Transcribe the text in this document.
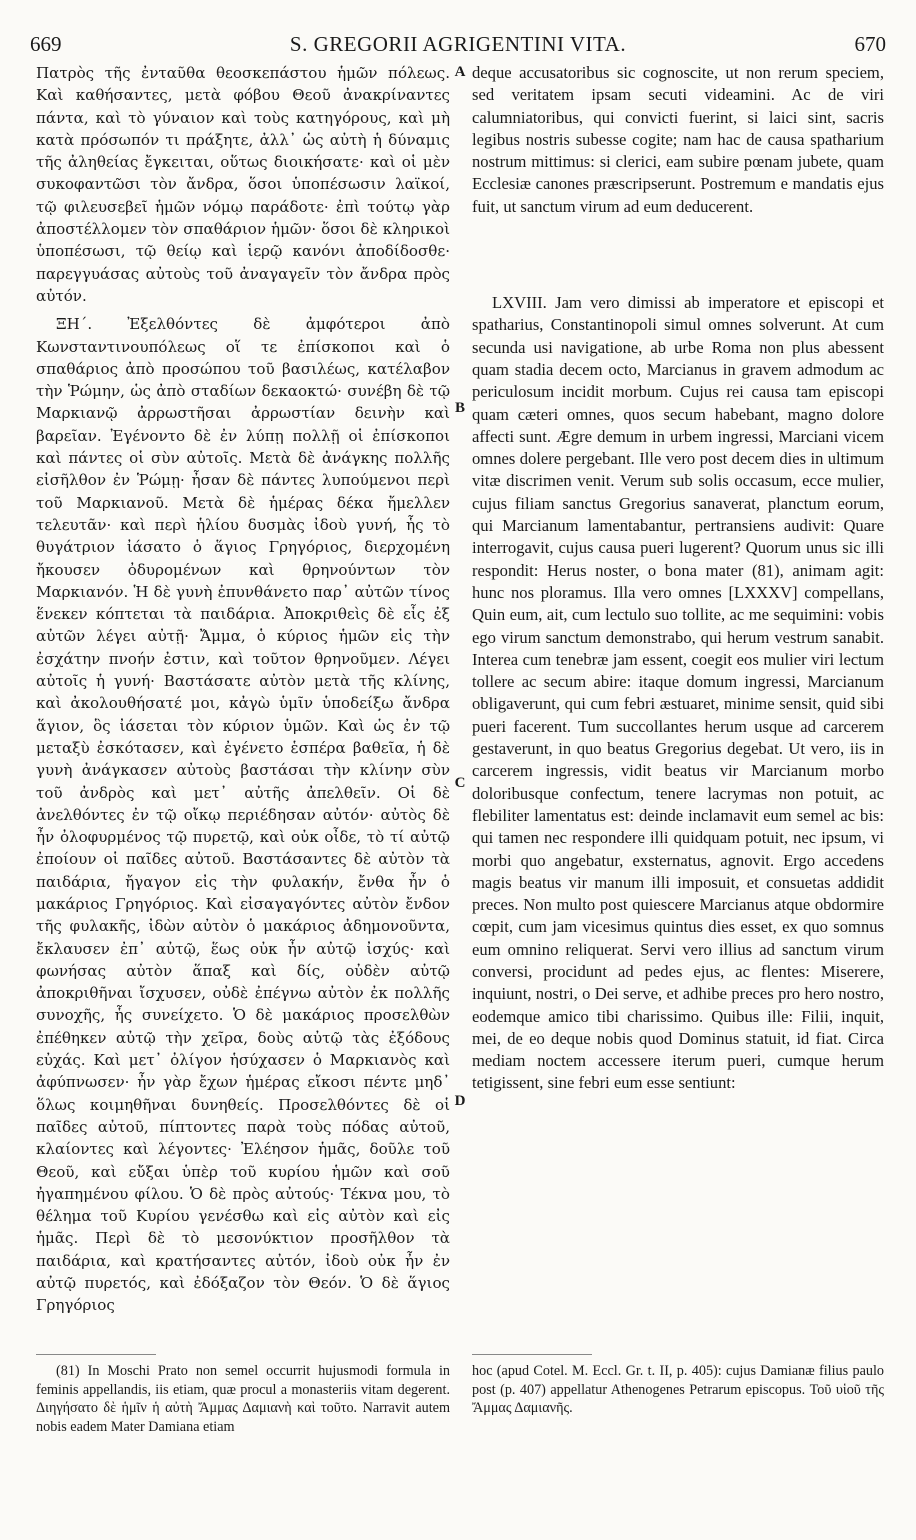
669	S. GREGORII AGRIGENTINI VITA.	670

Πατρὸς τῆς ἐνταῦθα θεοσκεπάστου ἡμῶν πόλεως. Καὶ καθήσαντες, μετὰ φόβου Θεοῦ ἀνακρίναντες πάντα, καὶ τὸ γύναιον καὶ τοὺς κατηγόρους, καὶ μὴ κατὰ πρόσωπόν τι πράξητε, ἀλλ᾿ ὡς αὐτὴ ἡ δύναμις τῆς ἀληθείας ἔγκειται, οὕτως διοικήσατε· καὶ οἱ μὲν συκοφαντῶσι τὸν ἄνδρα, ὅσοι ὑποπέσωσιν λαϊκοί, τῷ φιλευσεβεῖ ἡμῶν νόμῳ παράδοτε· ἐπὶ τούτῳ γὰρ ἀποστέλλομεν τὸν σπαθάριον ἡμῶν· ὅσοι δὲ κληρικοὶ ὑποπέσωσι, τῷ θείῳ καὶ ἱερῷ κανόνι ἀποδίδοσθε· παρεγγυάσας αὐτοὺς τοῦ ἀναγαγεῖν τὸν ἄνδρα πρὸς αὐτόν.

ΞΗ΄. Ἐξελθόντες δὲ ἀμφότεροι ἀπὸ Κωνσταντινουπόλεως οἵ τε ἐπίσκοποι καὶ ὁ σπαθάριος ἀπὸ προσώπου τοῦ βασιλέως, κατέλαβον τὴν Ῥώμην, ὡς ἀπὸ σταδίων δεκαοκτώ· συνέβη δὲ τῷ Μαρκιανῷ ἀρρωστῆσαι ἀρρωστίαν δεινὴν καὶ βαρεῖαν. Ἐγένοντο δὲ ἐν λύπῃ πολλῇ οἱ ἐπίσκοποι καὶ πάντες οἱ σὺν αὐτοῖς. Μετὰ δὲ ἀνάγκης πολλῆς εἰσῆλθον ἐν Ῥώμῃ· ἦσαν δὲ πάντες λυπούμενοι περὶ τοῦ Μαρκιανοῦ. Μετὰ δὲ ἡμέρας δέκα ἤμελλεν τελευτᾶν· καὶ περὶ ἡλίου δυσμὰς ἰδοὺ γυνή, ἧς τὸ θυγάτριον ἰάσατο ὁ ἅγιος Γρηγόριος, διερχομένη ἤκουσεν ὀδυρομένων καὶ θρηνούντων τὸν Μαρκιανόν. Ἡ δὲ γυνὴ ἐπυνθάνετο παρ᾿ αὐτῶν τίνος ἕνεκεν κόπτεται τὰ παιδάρια. Ἀποκριθεὶς δὲ εἷς ἐξ αὐτῶν λέγει αὐτῇ· Ἄμμα, ὁ κύριος ἡμῶν εἰς τὴν ἐσχάτην πνοήν ἐστιν, καὶ τοῦτον θρηνοῦμεν. Λέγει αὐτοῖς ἡ γυνή· Βαστάσατε αὐτὸν μετὰ τῆς κλίνης, καὶ ἀκολουθήσατέ μοι, κἀγὼ ὑμῖν ὑποδείξω ἄνδρα ἅγιον, ὃς ἰάσεται τὸν κύριον ὑμῶν. Καὶ ὡς ἐν τῷ μεταξὺ ἐσκότασεν, καὶ ἐγένετο ἑσπέρα βαθεῖα, ἡ δὲ γυνὴ ἀνάγκασεν αὐτοὺς βαστάσαι τὴν κλίνην σὺν τοῦ ἀνδρὸς καὶ μετ᾿ αὐτῆς ἀπελθεῖν. Οἱ δὲ ἀνελθόντες ἐν τῷ οἴκῳ περιέδησαν αὐτόν· αὐτὸς δὲ ἦν ὀλοφυρμένος τῷ πυρετῷ, καὶ οὐκ οἶδε, τὸ τί αὐτῷ ἐποίουν οἱ παῖδες αὐτοῦ. Βαστάσαντες δὲ αὐτὸν τὰ παιδάρια, ἤγαγον εἰς τὴν φυλακήν, ἔνθα ἦν ὁ μακάριος Γρηγόριος. Καὶ εἰσαγαγόντες αὐτὸν ἔνδον τῆς φυλακῆς, ἰδὼν αὐτὸν ὁ μακάριος ἀδημονοῦντα, ἔκλαυσεν ἐπ᾿ αὐτῷ, ἕως οὐκ ἦν αὐτῷ ἰσχύς· καὶ φωνήσας αὐτὸν ἅπαξ καὶ δίς, οὐδὲν αὐτῷ ἀποκριθῆναι ἴσχυσεν, οὐδὲ ἐπέγνω αὐτὸν ἐκ πολλῆς συνοχῆς, ἧς συνείχετο. Ὁ δὲ μακάριος προσελθὼν ἐπέθηκεν αὐτῷ τὴν χεῖρα, δοὺς αὐτῷ τὰς ἐξόδους εὐχάς. Καὶ μετ᾿ ὀλίγον ἡσύχασεν ὁ Μαρκιανὸς καὶ ἀφύπνωσεν· ἦν γὰρ ἔχων ἡμέρας εἴκοσι πέντε μηδ᾿ ὅλως κοιμηθῆναι δυνηθείς. Προσελθόντες δὲ οἱ παῖδες αὐτοῦ, πίπτοντες παρὰ τοὺς πόδας αὐτοῦ, κλαίοντες καὶ λέγοντες· Ἐλέησον ἡμᾶς, δοῦλε τοῦ Θεοῦ, καὶ εὔξαι ὑπὲρ τοῦ κυρίου ἡμῶν καὶ σοῦ ἠγαπημένου φίλου. Ὁ δὲ πρὸς αὐτούς· Τέκνα μου, τὸ θέλημα τοῦ Κυρίου γενέσθω καὶ εἰς αὐτὸν καὶ εἰς ἡμᾶς. Περὶ δὲ τὸ μεσονύκτιον προσῆλθον τὰ παιδάρια, καὶ κρατήσαντες αὐτόν, ἰδοὺ οὐκ ἦν ἐν αὐτῷ πυρετός, καὶ ἐδόξαζον τὸν Θεόν. Ὁ δὲ ἅγιος Γρηγόριος

A
B
C
D

deque accusatoribus sic cognoscite, ut non rerum speciem, sed veritatem ipsam secuti videamini. Ac de viri calumniatoribus, qui convicti fuerint, si laici sint, sacris legibus nostris subesse cogite; nam hac de causa spatharium nostrum mittimus: si clerici, eam subire pœnam jubete, quam Ecclesiæ canones præscripserunt. Postremum e mandatis ejus fuit, ut sanctum virum ad eum deducerent.

LXVIII. Jam vero dimissi ab imperatore et episcopi et spatharius, Constantinopoli simul omnes solverunt. At cum secunda usi navigatione, ab urbe Roma non plus abessent quam stadia decem octo, Marcianus in gravem admodum ac periculosum incidit morbum. Cujus rei causa tam episcopi quam cæteri omnes, quos secum habebant, magno dolore affecti sunt. Ægre demum in urbem ingressi, Marciani vicem omnes dolere pergebant. Ille vero post decem dies in ultimum vitæ discrimen venit. Verum sub solis occasum, ecce mulier, cujus filiam sanctus Gregorius sanaverat, planctum eorum, qui Marcianum lamentabantur, pertransiens audivit: Quare interrogavit, cujus causa pueri lugerent? Quorum unus sic illi respondit: Herus noster, o bona mater (81), animam agit: hunc nos ploramus. Illa vero omnes [LXXXV] compellans, Quin eum, ait, cum lectulo suo tollite, ac me sequimini: vobis ego virum sanctum demonstrabo, qui herum vestrum sanabit. Interea cum tenebræ jam essent, coegit eos mulier viri lectum tollere ac secum abire: itaque domum ingressi, Marcianum obligaverunt, qui cum febri æstuaret, minime sensit, quid sibi pueri facerent. Tum succollantes herum usque ad carcerem gestaverunt, in quo beatus Gregorius degebat. Ut vero, iis in carcerem ingressis, vidit beatus vir Marcianum morbo doloribusque confectum, tenere lacrymas non potuit, ac flebiliter lamentatus est: deinde inclamavit eum semel ac bis: qui tamen nec respondere illi quidquam potuit, nec ipsum, vi morbi quo angebatur, exsternatus, agnovit. Ergo accedens magis beatus vir manum illi imposuit, et consuetas addidit preces. Non multo post quiescere Marcianus atque obdormire cœpit, cum jam vicesimus quintus dies esset, ex quo somnus eum omnino reliquerat. Servi vero illius ad sanctum virum conversi, procidunt ad pedes ejus, ac flentes: Miserere, inquiunt, nostri, o Dei serve, et adhibe preces pro hero nostro, eodemque amico tibi charissimo. Quibus ille: Filii, inquit, mei, de eo deque nobis quod Dominus statuit, id fiat. Circa mediam noctem accessere iterum pueri, cumque herum tetigissent, sine febri eum esse sentiunt:

(81) In Moschi Prato non semel occurrit hujusmodi formula in feminis appellandis, iis etiam, quæ procul a monasteriis vitam degerent. Διηγήσατο δὲ ἡμῖν ἡ αὐτὴ Ἄμμας Δαμιανὴ καὶ τοῦτο. Narravit autem nobis eadem Mater Damiana etiam

hoc (apud Cotel. M. Eccl. Gr. t. II, p. 405): cujus Damianæ filius paulo post (p. 407) appellatur Athenogenes Petrarum episcopus. Τοῦ υἱοῦ τῆς Ἄμμας Δαμιανῆς.
